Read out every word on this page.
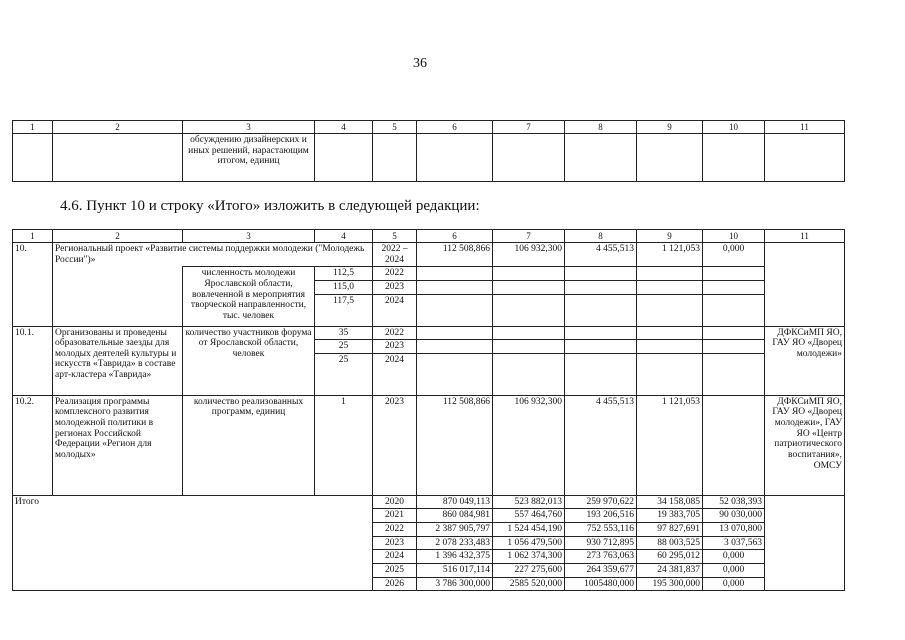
36
1	2	3	4	5	6	7	8	9	10	11
		обсуждению дизайнерских и иных решений, нарастающим итогом, единиц								
4.6. Пункт 10 и строку «Итого» изложить в следующей редакции:
1	2	3	4	5	6	7	8	9	10	11
10.	Региональный проект «Развитие системы поддержки молодежи ("Молодежь России")»			2022 – 2024	112 508,866	106 932,300	4 455,513	1 121,053	0,000	
		численность молодежи Ярославской области, вовлеченной в мероприятия творческой направленности, тыс. человек	112,5	2022						
			115,0	2023						
			117,5	2024						
10.1.	Организованы и проведены образовательные заезды для молодых деятелей культуры и искусств «Таврида» в составе арт-кластера «Таврида»	количество участников форума от Ярославской области, человек	35	2022						ДФКСиМП ЯО, ГАУ ЯО «Дворец молодежи»
			25	2023						
			25	2024						
10.2.	Реализация программы комплексного развития молодежной политики в регионах Российской Федерации «Регион для молодых»	количество реализованных программ, единиц	1	2023	112 508,866	106 932,300	4 455,513	1 121,053		ДФКСиМП ЯО, ГАУ ЯО «Дворец молодежи», ГАУ ЯО «Центр патриотического воспитания», ОМСУ
Итого				2020	870 049,113	523 882,013	259 970,622	34 158,085	52 038,393	
				2021	860 084,981	557 464,760	193 206,516	19 383,705	90 030,000	
				2022	2 387 905,797	1 524 454,190	752 553,116	97 827,691	13 070,800	
				2023	2 078 233,483	1 056 479,500	930 712,895	88 003,525	3 037,563	
				2024	1 396 432,375	1 062 374,300	273 763,063	60 295,012	0,000	
				2025	516 017,114	227 275,600	264 359,677	24 381,837	0,000	
				2026	3 786 300,000	2585 520,000	1005480,000	195 300,000	0,000	
